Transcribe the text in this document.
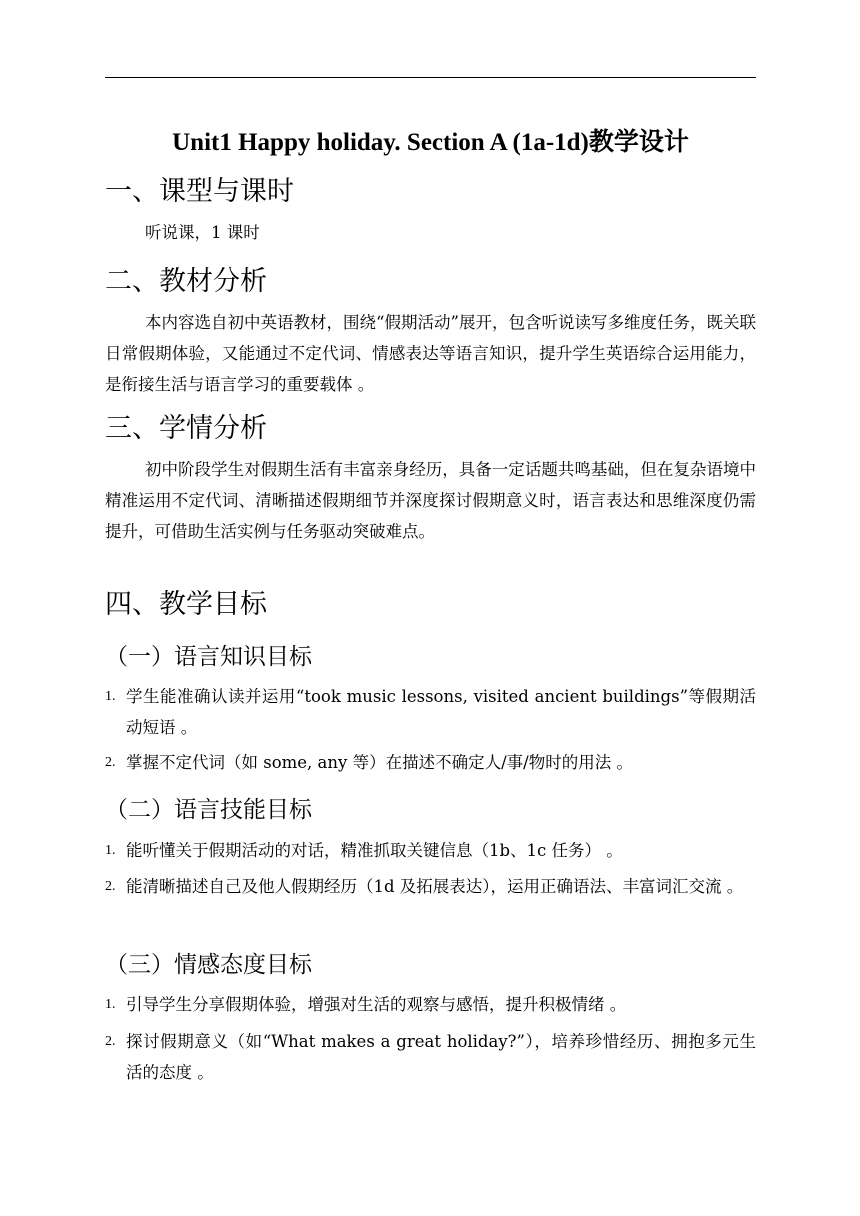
Unit1 Happy holiday. Section A (1a-1d)教学设计
一、课型与课时
听说课，1 课时
二、教材分析
本内容选自初中英语教材，围绕“假期活动”展开，包含听说读写多维度任务，既关联日常假期体验，又能通过不定代词、情感表达等语言知识，提升学生英语综合运用能力，是衔接生活与语言学习的重要载体 。
三、学情分析
初中阶段学生对假期生活有丰富亲身经历，具备一定话题共鸣基础，但在复杂语境中精准运用不定代词、清晰描述假期细节并深度探讨假期意义时，语言表达和思维深度仍需提升，可借助生活实例与任务驱动突破难点。
四、教学目标
（一）语言知识目标
1. 学生能准确认读并运用“took music lessons, visited ancient buildings”等假期活动短语 。
2. 掌握不定代词（如 some, any 等）在描述不确定人/事/物时的用法 。
（二）语言技能目标
1. 能听懂关于假期活动的对话，精准抓取关键信息（1b、1c 任务） 。
2. 能清晰描述自己及他人假期经历（1d 及拓展表达），运用正确语法、丰富词汇交流 。
（三）情感态度目标
1. 引导学生分享假期体验，增强对生活的观察与感悟，提升积极情绪 。
2. 探讨假期意义（如“What makes a great holiday?”），培养珍惜经历、拥抱多元生活的态度 。
